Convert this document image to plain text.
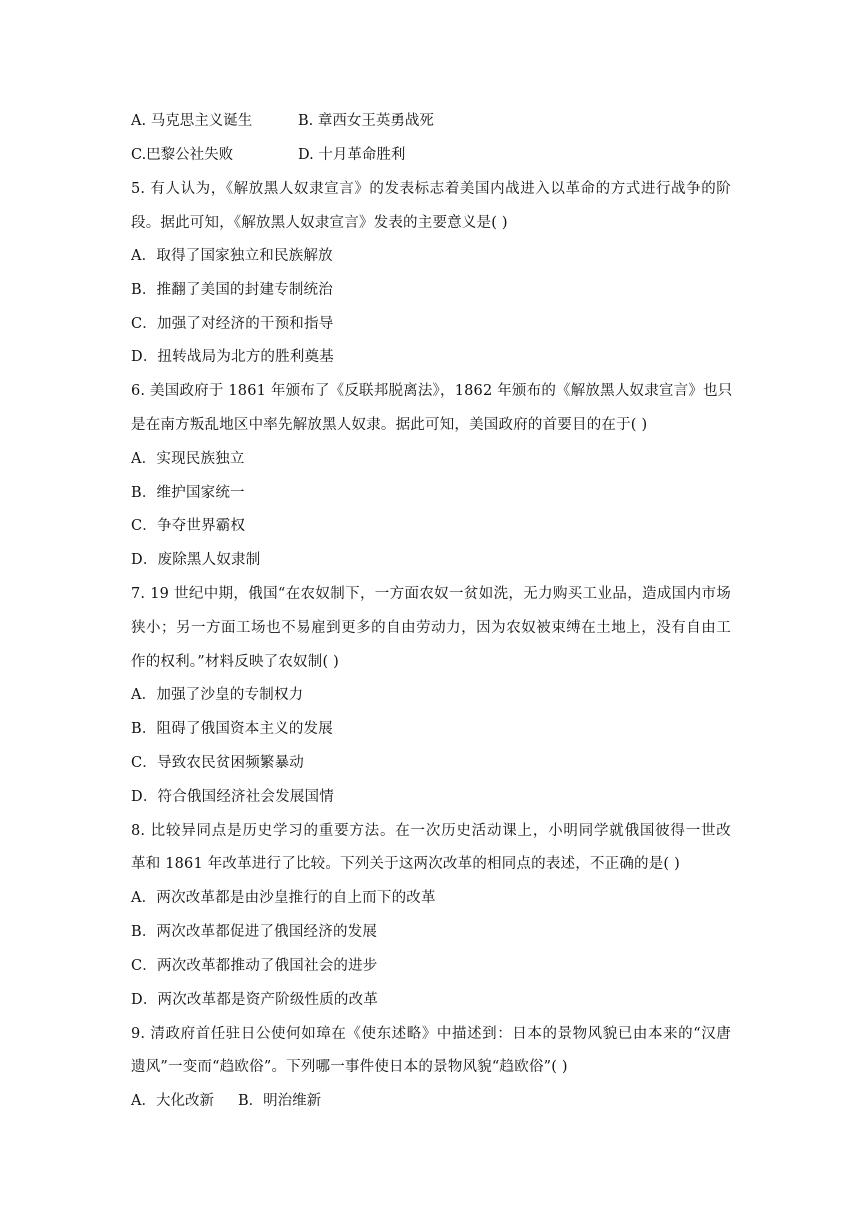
A. 马克思主义诞生	B. 章西女王英勇战死
C.巴黎公社失败	D. 十月革命胜利
5. 有人认为，《解放黑人奴隶宣言》的发表标志着美国内战进入以革命的方式进行战争的阶
段。据此可知，《解放黑人奴隶宣言》发表的主要意义是( )
A．取得了国家独立和民族解放
B．推翻了美国的封建专制统治
C．加强了对经济的干预和指导
D．扭转战局为北方的胜利奠基
6. 美国政府于 1861 年颁布了《反联邦脱离法》，1862 年颁布的《解放黑人奴隶宣言》也只
是在南方叛乱地区中率先解放黑人奴隶。据此可知，美国政府的首要目的在于( )
A．实现民族独立
B．维护国家统一
C．争夺世界霸权
D．废除黑人奴隶制
7. 19 世纪中期，俄国“在农奴制下，一方面农奴一贫如洗，无力购买工业品，造成国内市场
狭小；另一方面工场也不易雇到更多的自由劳动力，因为农奴被束缚在土地上，没有自由工
作的权利。”材料反映了农奴制( )
A．加强了沙皇的专制权力
B．阻碍了俄国资本主义的发展
C．导致农民贫困频繁暴动
D．符合俄国经济社会发展国情
8. 比较异同点是历史学习的重要方法。在一次历史活动课上，小明同学就俄国彼得一世改
革和 1861 年改革进行了比较。下列关于这两次改革的相同点的表述，不正确的是( )
A．两次改革都是由沙皇推行的自上而下的改革
B．两次改革都促进了俄国经济的发展
C．两次改革都推动了俄国社会的进步
D．两次改革都是资产阶级性质的改革
9. 清政府首任驻日公使何如璋在《使东述略》中描述到：日本的景物风貌已由本来的“汉唐
遗风”一变而“趋欧俗”。下列哪一事件使日本的景物风貌“趋欧俗”( )
A．大化改新 B．明治维新
